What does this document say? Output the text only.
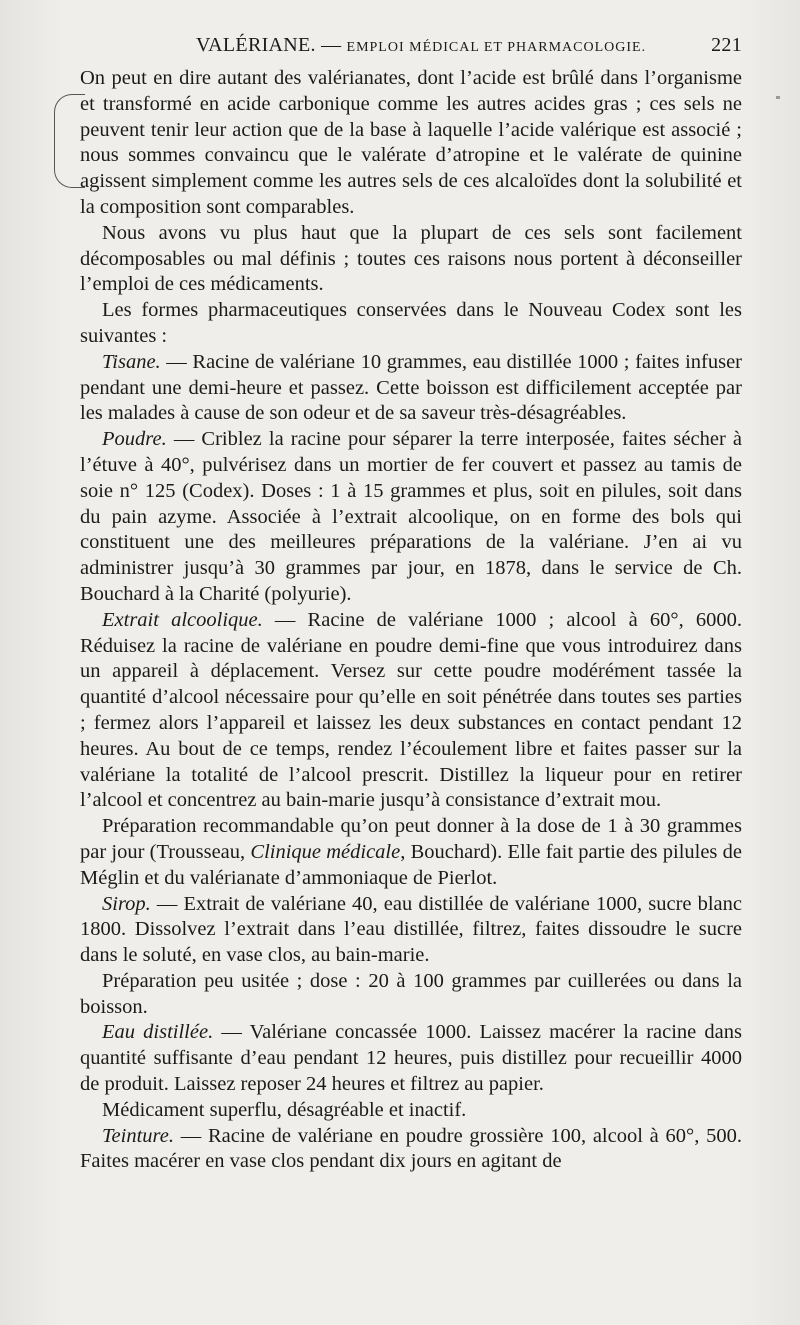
VALÉRIANE. — EMPLOI MÉDICAL ET PHARMACOLOGIE.	221

On peut en dire autant des valérianates, dont l’acide est brûlé dans l’organisme et transformé en acide carbonique comme les autres acides gras ; ces sels ne peuvent tenir leur action que de la base à laquelle l’acide valérique est associé ; nous sommes convaincu que le valérate d’atropine et le valérate de quinine agissent simplement comme les autres sels de ces alcaloïdes dont la solubilité et la composition sont comparables.

Nous avons vu plus haut que la plupart de ces sels sont facilement décomposables ou mal définis ; toutes ces raisons nous portent à déconseiller l’emploi de ces médicaments.

Les formes pharmaceutiques conservées dans le Nouveau Codex sont les suivantes :

Tisane. — Racine de valériane 10 grammes, eau distillée 1000 ; faites infuser pendant une demi-heure et passez. Cette boisson est difficilement acceptée par les malades à cause de son odeur et de sa saveur très-désagréables.

Poudre. — Criblez la racine pour séparer la terre interposée, faites sécher à l’étuve à 40°, pulvérisez dans un mortier de fer couvert et passez au tamis de soie n° 125 (Codex). Doses : 1 à 15 grammes et plus, soit en pilules, soit dans du pain azyme. Associée à l’extrait alcoolique, on en forme des bols qui constituent une des meilleures préparations de la valériane. J’en ai vu administrer jusqu’à 30 grammes par jour, en 1878, dans le service de Ch. Bouchard à la Charité (polyurie).

Extrait alcoolique. — Racine de valériane 1000 ; alcool à 60°, 6000. Réduisez la racine de valériane en poudre demi-fine que vous introduirez dans un appareil à déplacement. Versez sur cette poudre modérément tassée la quantité d’alcool nécessaire pour qu’elle en soit pénétrée dans toutes ses parties ; fermez alors l’appareil et laissez les deux substances en contact pendant 12 heures. Au bout de ce temps, rendez l’écoulement libre et faites passer sur la valériane la totalité de l’alcool prescrit. Distillez la liqueur pour en retirer l’alcool et concentrez au bain-marie jusqu’à consistance d’extrait mou.

Préparation recommandable qu’on peut donner à la dose de 1 à 30 grammes par jour (Trousseau, Clinique médicale, Bouchard). Elle fait partie des pilules de Méglin et du valérianate d’ammoniaque de Pierlot.

Sirop. — Extrait de valériane 40, eau distillée de valériane 1000, sucre blanc 1800. Dissolvez l’extrait dans l’eau distillée, filtrez, faites dissoudre le sucre dans le soluté, en vase clos, au bain-marie.

Préparation peu usitée ; dose : 20 à 100 grammes par cuillerées ou dans la boisson.

Eau distillée. — Valériane concassée 1000. Laissez macérer la racine dans quantité suffisante d’eau pendant 12 heures, puis distillez pour recueillir 4000 de produit. Laissez reposer 24 heures et filtrez au papier.

Médicament superflu, désagréable et inactif.

Teinture. — Racine de valériane en poudre grossière 100, alcool à 60°, 500. Faites macérer en vase clos pendant dix jours en agitant de
